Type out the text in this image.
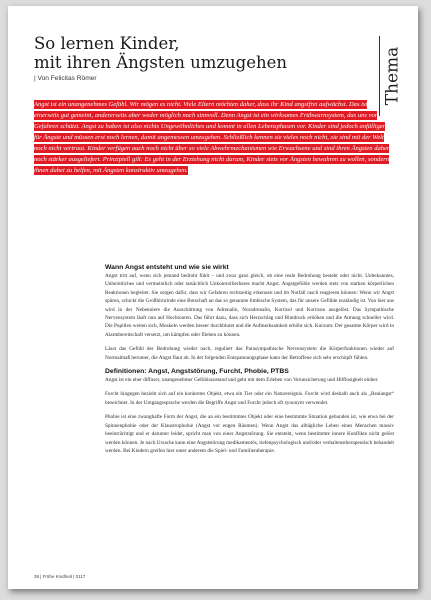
So lernen Kinder,
mit ihren Ängsten umzugehen
| Von Felicitas Römer	Thema

Angst ist ein unangenehmes Gefühl. Wir mögen es nicht. Viele Eltern möchten daher, dass ihr Kind angstfrei aufwächst. Das ist einerseits gut gemeint, andererseits aber weder möglich noch sinnvoll. Denn Angst ist ein wirksames Frühwarnsystem, das uns vor Gefahren schützt. Angst zu haben ist also nichts Ungewöhnliches und kommt in allen Lebensphasen vor. Kinder sind jedoch anfälliger für Ängste und müssen erst noch lernen, damit angemessen umzugehen. Schließlich kennen sie vieles noch nicht, sie sind mit der Welt noch nicht vertraut. Kinder verfügen auch noch nicht über so viele Abwehrmechanismen wie Erwachsene und sind ihren Ängsten daher noch stärker ausgeliefert. Prinzipiell gilt: Es geht in der Erziehung nicht darum, Kinder stets vor Ängsten bewahren zu wollen, sondern ihnen dabei zu helfen, mit Ängsten konstruktiv umzugehen.

Wann Angst entsteht und wie sie wirkt

Angst tritt auf, wenn sich jemand bedroht fühlt – und zwar ganz gleich, ob eine reale Bedrohung besteht oder nicht. Unbekanntes, Unheimliches und vermeintlich oder tatsächlich Unkontrollierbares macht Angst. Angstgefühle werden stets von starken körperlichen Reaktionen begleitet. Sie sorgen dafür, dass wir Gefahren rechtzeitig erkennen und im Notfall rasch reagieren können: Wenn wir Angst spüren, schickt die Großhirnrinde eine Botschaft an das so genannte limbische System, das für unsere Gefühle zuständig ist. Von hier aus wird in der Nebenniere die Ausschüttung von Adrenalin, Noradrenalin, Kortisol und Kortison ausgelöst. Das Sympathische Nervensystem läuft nun auf Hochtouren. Das führt dazu, dass sich Herzschlag und Blutdruck erhöhen und die Atmung schneller wird. Die Pupillen weiten sich, Muskeln werden besser durchblutet und die Aufmerksamkeit erhöht sich. Kurzum: Der gesamte Körper wird in Alarmbereitschaft versetzt, um kämpfen oder fliehen zu können.

Lässt das Gefühl der Bedrohung wieder nach, reguliert das Parasympathische Nervensystem die Körperfunktionen wieder auf Normalmaß herunter, die Angst flaut ab. In der folgenden Entspannungsphase kann der Betroffene sich sehr erschöpft fühlen.

Definitionen: Angst, Angststörung, Furcht, Phobie, PTBS

Angst ist ein eher diffuser, unangenehmer Gefühlszustand und geht mit dem Erleben von Verunsicherung und Hilflosigkeit einher.

Furcht hingegen bezieht sich auf ein konkretes Objekt, etwa ein Tier oder ein Naturereignis. Furcht wird deshalb auch als „Realangst“ bezeichnet. In der Umgangssprache werden die Begriffe Angst und Furcht jedoch oft synonym verwendet.

Phobie ist eine zwanghafte Form der Angst, die an ein bestimmtes Objekt oder eine bestimmte Situation gebunden ist, wie etwa bei der Spinnenphobie oder der Klaustrophobie (Angst vor engen Räumen). Wenn Angst das alltägliche Leben eines Menschen massiv beeinträchtigt und er darunter leidet, spricht man von einer Angststörung. Sie entsteht, wenn bestimmte innere Konflikte nicht gelöst werden können. Je nach Ursache kann eine Angststörung medikamentös, tiefenpsychologisch und/oder verhaltenstherapeutisch behandelt werden. Bei Kindern greifen hier unter anderem die Spiel- und Familientherapie.

38 | Frühe Kindheit | 0117
